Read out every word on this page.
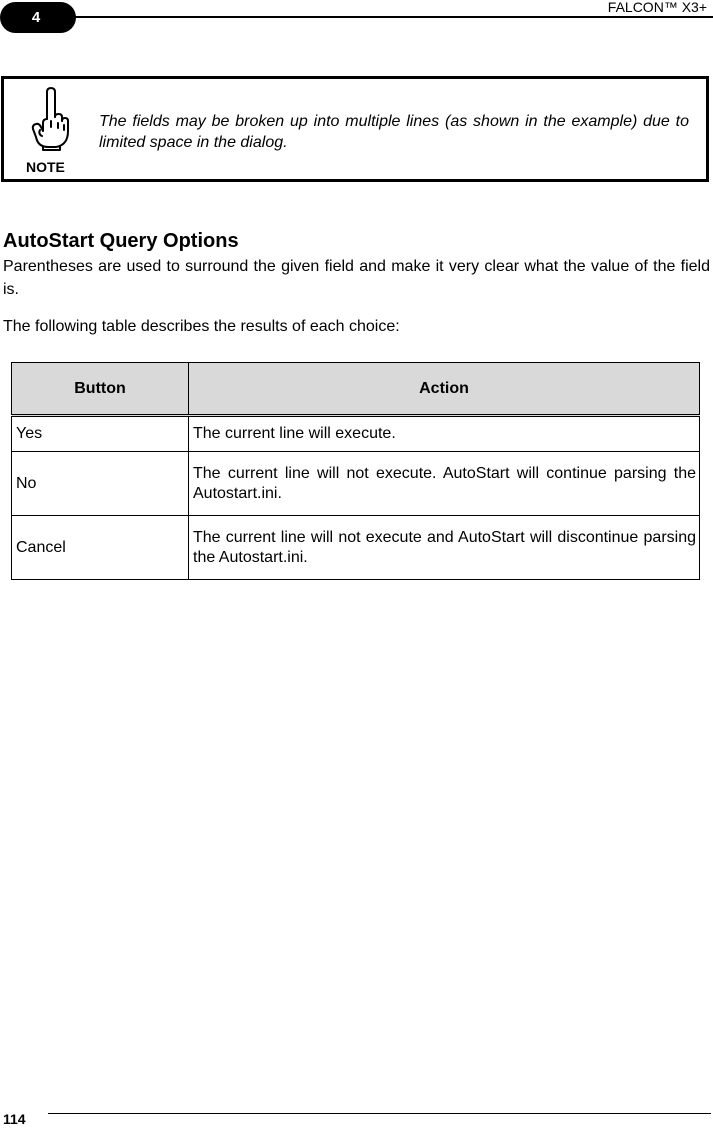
4
FALCON™ X3+
NOTE
The fields may be broken up into multiple lines (as shown in the example) due to limited space in the dialog.
AutoStart Query Options
Parentheses are used to surround the given field and make it very clear what the value of the field is.
The following table describes the results of each choice:
Button	Action
Yes	The current line will execute.
No	The current line will not execute. AutoStart will continue parsing the Autostart.ini.
Cancel	The current line will not execute and AutoStart will discontinue parsing the Autostart.ini.
114
